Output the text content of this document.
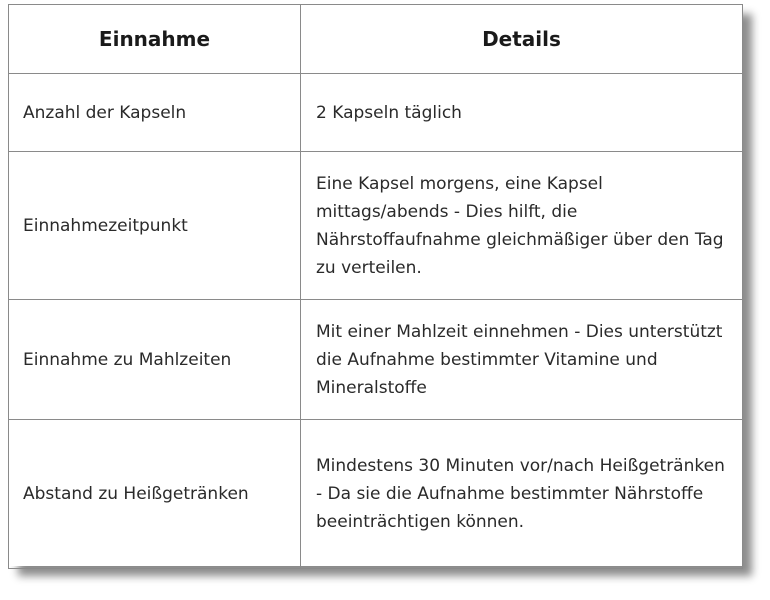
Einnahme	Details
Anzahl der Kapseln	2 Kapseln täglich
Einnahmezeitpunkt	Eine Kapsel morgens, eine Kapsel mittags/abends - Dies hilft, die Nährstoffaufnahme gleichmäßiger über den Tag zu verteilen.
Einnahme zu Mahlzeiten	Mit einer Mahlzeit einnehmen - Dies unterstützt die Aufnahme bestimmter Vitamine und Mineralstoffe
Abstand zu Heißgetränken	Mindestens 30 Minuten vor/nach Heißgetränken - Da sie die Aufnahme bestimmter Nährstoffe beeinträchtigen können.
